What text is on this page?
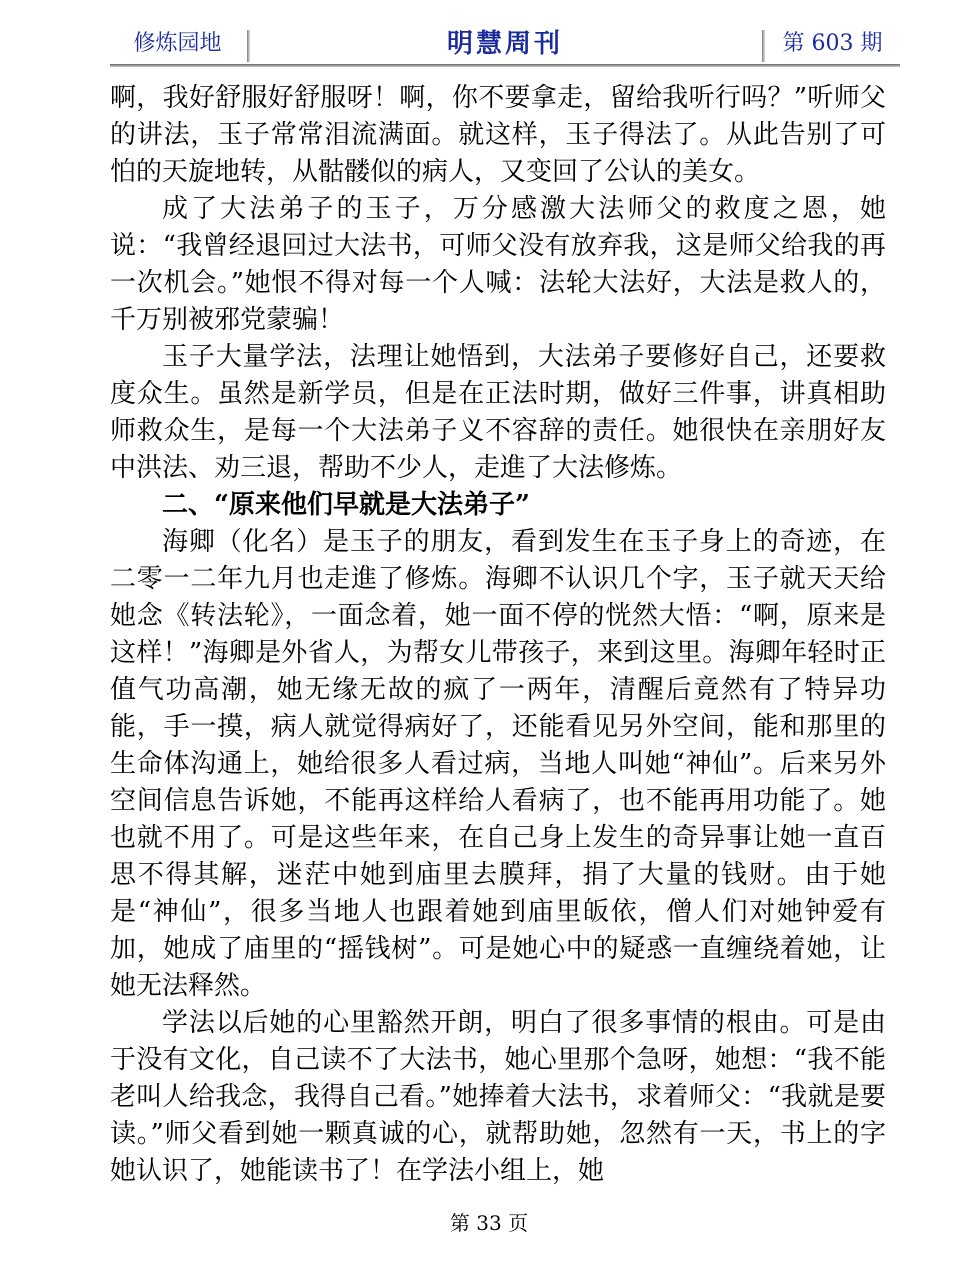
修炼园地	明慧周刊	第 603 期

啊，我好舒服好舒服呀！啊，你不要拿走，留给我听行吗？”听师父的讲法，玉子常常泪流满面。就这样，玉子得法了。从此告别了可怕的天旋地转，从骷髅似的病人，又变回了公认的美女。

成了大法弟子的玉子，万分感激大法师父的救度之恩，她说：“我曾经退回过大法书，可师父没有放弃我，这是师父给我的再一次机会。”她恨不得对每一个人喊：法轮大法好，大法是救人的，千万别被邪党蒙骗！

玉子大量学法，法理让她悟到，大法弟子要修好自己，还要救度众生。虽然是新学员，但是在正法时期，做好三件事，讲真相助师救众生，是每一个大法弟子义不容辞的责任。她很快在亲朋好友中洪法、劝三退，帮助不少人，走進了大法修炼。

二、“原来他们早就是大法弟子”

海卿（化名）是玉子的朋友，看到发生在玉子身上的奇迹，在二零一二年九月也走進了修炼。海卿不认识几个字，玉子就天天给她念《转法轮》，一面念着，她一面不停的恍然大悟：“啊，原来是这样！”海卿是外省人，为帮女儿带孩子，来到这里。海卿年轻时正值气功高潮，她无缘无故的疯了一两年，清醒后竟然有了特异功能，手一摸，病人就觉得病好了，还能看见另外空间，能和那里的生命体沟通上，她给很多人看过病，当地人叫她“神仙”。后来另外空间信息告诉她，不能再这样给人看病了，也不能再用功能了。她也就不用了。可是这些年来，在自己身上发生的奇异事让她一直百思不得其解，迷茫中她到庙里去膜拜，捐了大量的钱财。由于她是“神仙”，很多当地人也跟着她到庙里皈依，僧人们对她钟爱有加，她成了庙里的“摇钱树”。可是她心中的疑惑一直缠绕着她，让她无法释然。

学法以后她的心里豁然开朗，明白了很多事情的根由。可是由于没有文化，自己读不了大法书，她心里那个急呀，她想：“我不能老叫人给我念，我得自己看。”她捧着大法书，求着师父：“我就是要读。”师父看到她一颗真诚的心，就帮助她，忽然有一天，书上的字她认识了，她能读书了！在学法小组上，她

第 33 页
